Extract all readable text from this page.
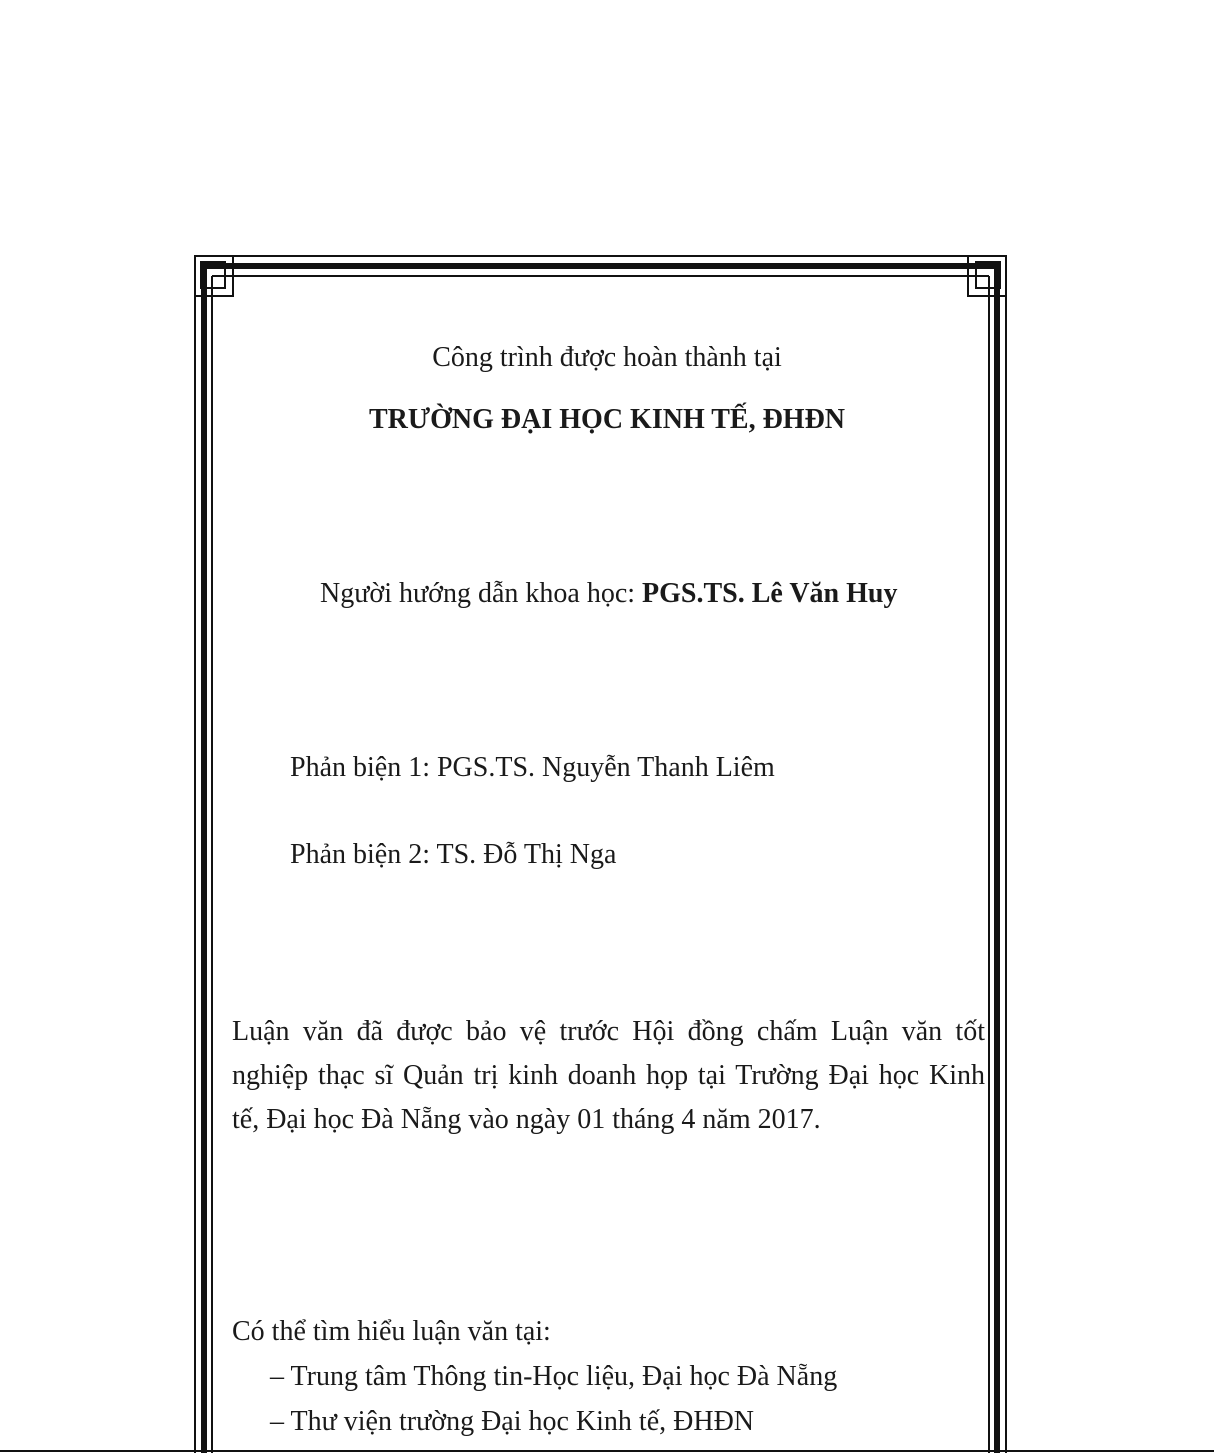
Công trình được hoàn thành tại
TRƯỜNG ĐẠI HỌC KINH TẾ, ĐHĐN
Người hướng dẫn khoa học: PGS.TS. Lê Văn Huy
Phản biện 1: PGS.TS. Nguyễn Thanh Liêm
Phản biện 2: TS. Đỗ Thị Nga
Luận văn đã được bảo vệ trước Hội đồng chấm Luận văn tốt
nghiệp thạc sĩ Quản trị kinh doanh họp tại Trường Đại học Kinh
tế, Đại học Đà Nẵng vào ngày 01 tháng 4 năm 2017.
Có thể tìm hiểu luận văn tại:
– Trung tâm Thông tin-Học liệu, Đại học Đà Nẵng
– Thư viện trường Đại học Kinh tế, ĐHĐN
